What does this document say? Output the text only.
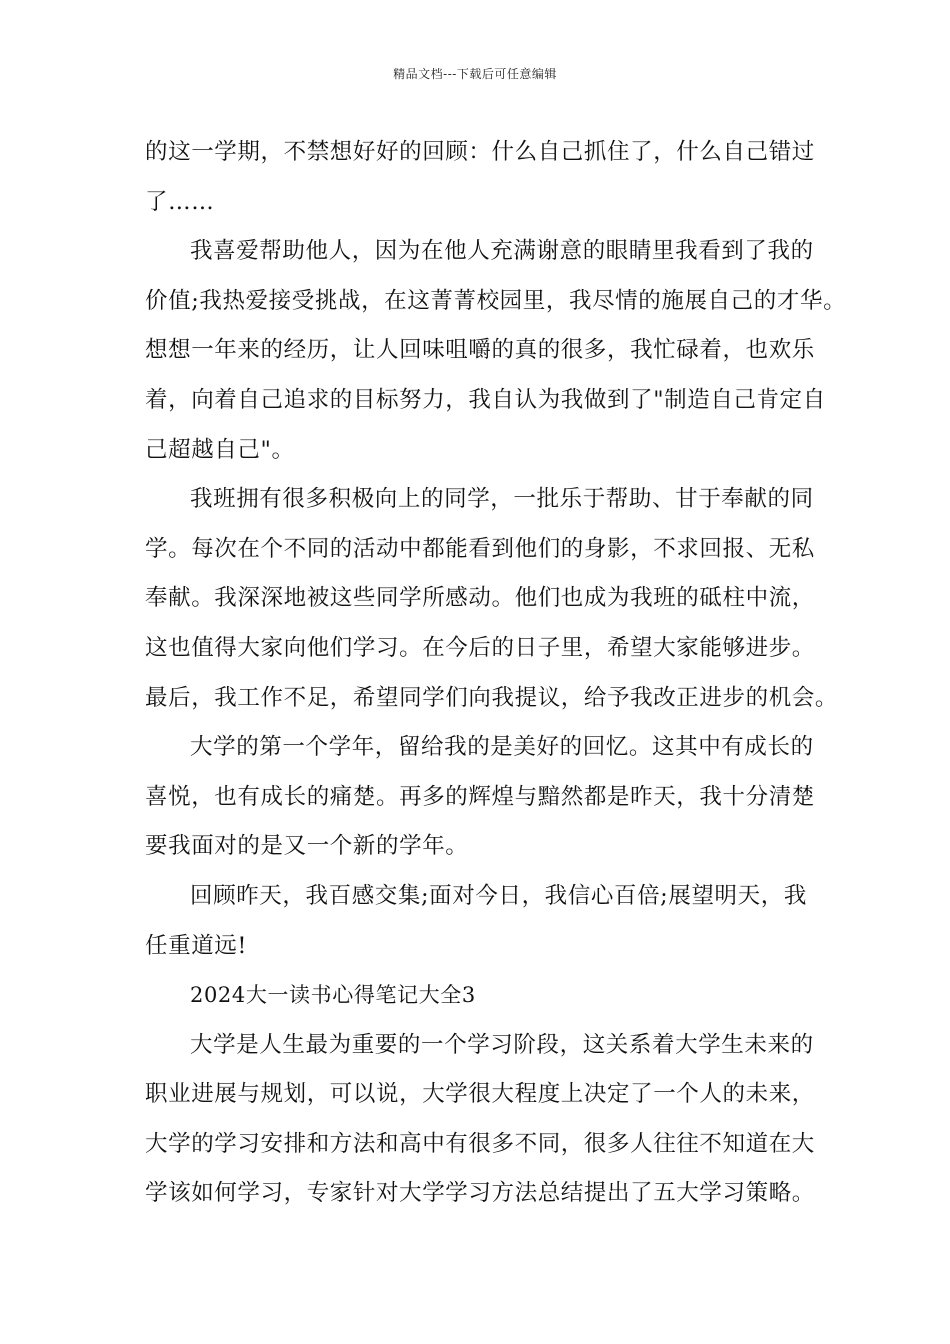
精品文档---下载后可任意编辑
的这一学期，不禁想好好的回顾：什么自己抓住了，什么自己错过
了……
我喜爱帮助他人，因为在他人充满谢意的眼睛里我看到了我的
价值;我热爱接受挑战，在这菁菁校园里，我尽情的施展自己的才华。
想想一年来的经历，让人回味咀嚼的真的很多，我忙碌着，也欢乐
着，向着自己追求的目标努力，我自认为我做到了"制造自己肯定自
己超越自己"。
我班拥有很多积极向上的同学，一批乐于帮助、甘于奉献的同
学。每次在个不同的活动中都能看到他们的身影，不求回报、无私
奉献。我深深地被这些同学所感动。他们也成为我班的砥柱中流，
这也值得大家向他们学习。在今后的日子里，希望大家能够进步。
最后，我工作不足，希望同学们向我提议，给予我改正进步的机会。
大学的第一个学年，留给我的是美好的回忆。这其中有成长的
喜悦，也有成长的痛楚。再多的辉煌与黯然都是昨天，我十分清楚
要我面对的是又一个新的学年。
回顾昨天，我百感交集;面对今日，我信心百倍;展望明天，我
任重道远!
2024大一读书心得笔记大全3
大学是人生最为重要的一个学习阶段，这关系着大学生未来的
职业进展与规划，可以说，大学很大程度上决定了一个人的未来，
大学的学习安排和方法和高中有很多不同，很多人往往不知道在大
学该如何学习，专家针对大学学习方法总结提出了五大学习策略。
